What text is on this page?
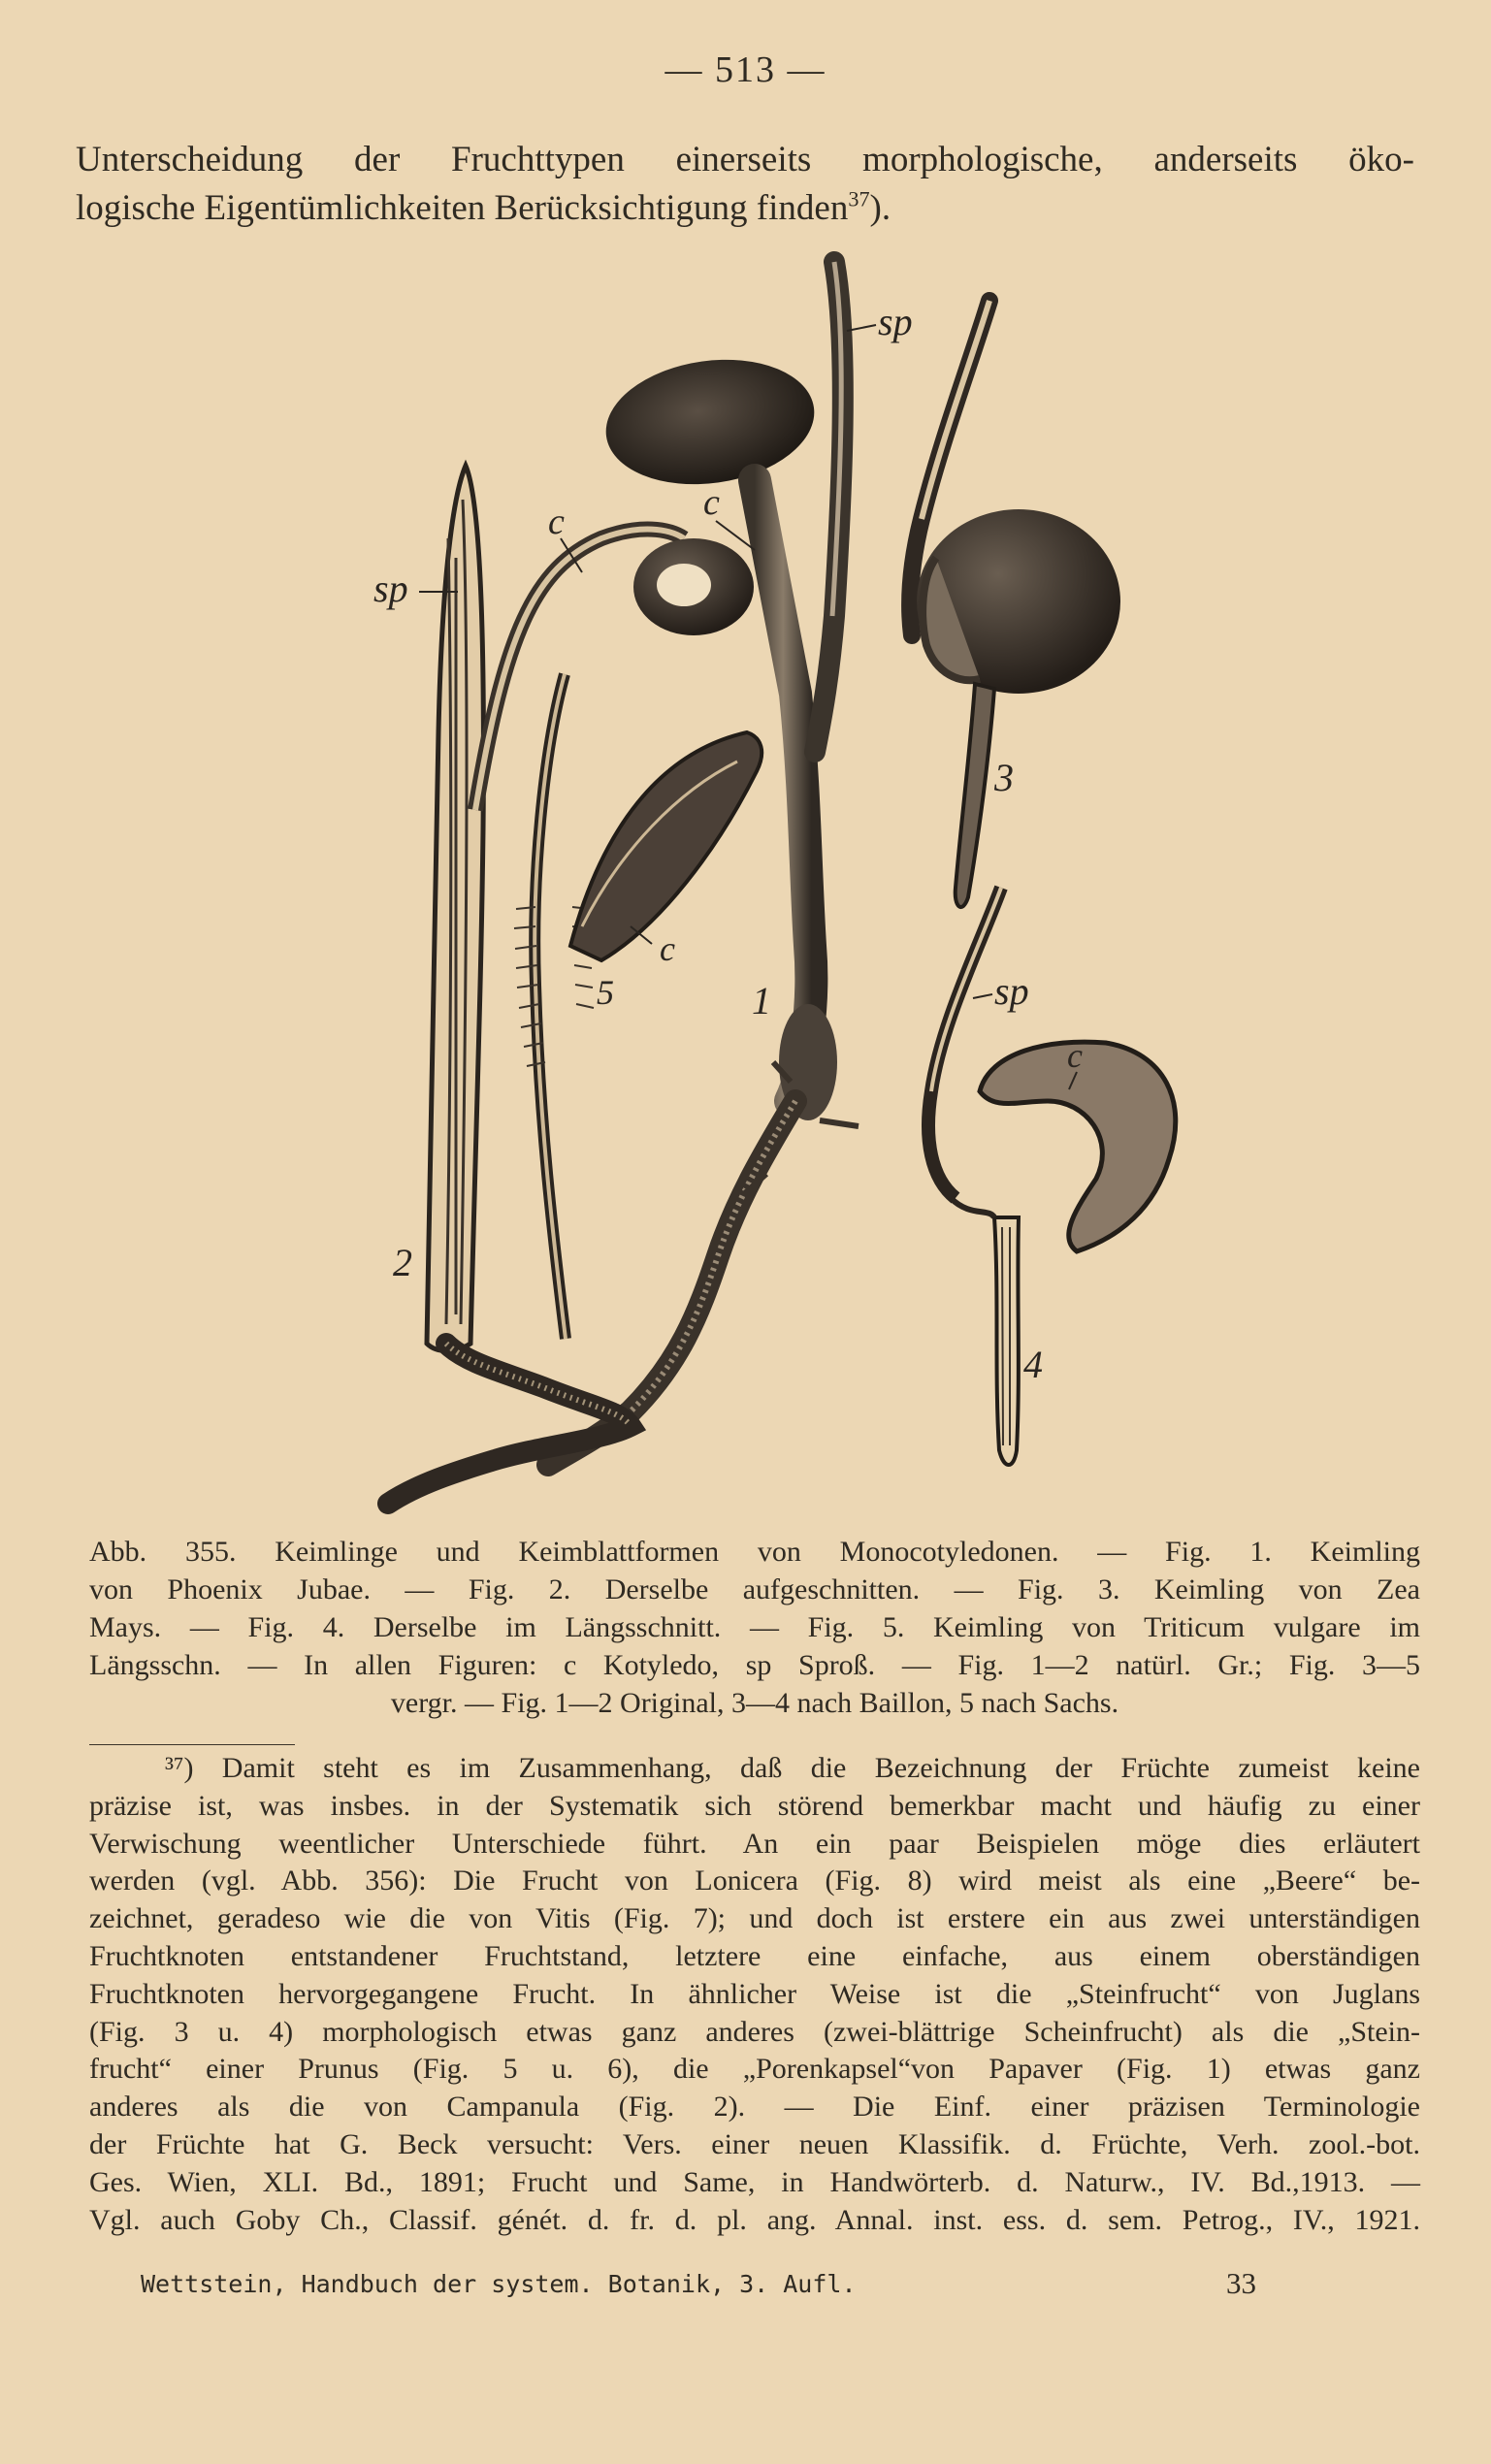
— 513 —
Unterscheidung der Fruchttypen einerseits morphologische, anderseits öko-
logische Eigentümlichkeiten Berücksichtigung finden$^{37}$).
1
2
3
4
5
c	c
c
c
sp
sp
sp
Abb. 355. Keimlinge und Keimblattformen von Monocotyledonen. — Fig. 1. Keimling
von Phoenix Jubae. — Fig. 2. Derselbe aufgeschnitten. — Fig. 3. Keimling von Zea
Mays. — Fig. 4. Derselbe im Längsschnitt. — Fig. 5. Keimling von Triticum vulgare im
Längsschn. — In allen Figuren: c Kotyledo, sp Sproß. — Fig. 1—2 natürl. Gr.; Fig. 3—5
vergr. — Fig. 1—2 Original, 3—4 nach Baillon, 5 nach Sachs.
³⁷) Damit steht es im Zusammenhang, daß die Bezeichnung der Früchte zumeist keine
präzise ist, was insbes. in der Systematik sich störend bemerkbar macht und häufig zu einer
Verwischung weentlicher Unterschiede führt. An ein paar Beispielen möge dies erläutert
werden (vgl. Abb. 356): Die Frucht von Lonicera (Fig. 8) wird meist als eine „Beere“ be-
zeichnet, geradeso wie die von Vitis (Fig. 7); und doch ist erstere ein aus zwei unterständigen
Fruchtknoten entstandener Fruchtstand, letztere eine einfache, aus einem oberständigen
Fruchtknoten hervorgegangene Frucht. In ähnlicher Weise ist die „Steinfrucht“ von Juglans
(Fig. 3 u. 4) morphologisch etwas ganz anderes (zwei-blättrige Scheinfrucht) als die „Stein-
frucht“ einer Prunus (Fig. 5 u. 6), die „Porenkapsel“von Papaver (Fig. 1) etwas ganz
anderes als die von Campanula (Fig. 2). — Die Einf. einer präzisen Terminologie
der Früchte hat G. Beck versucht: Vers. einer neuen Klassifik. d. Früchte, Verh. zool.-bot.
Ges. Wien, XLI. Bd., 1891; Frucht und Same, in Handwörterb. d. Naturw., IV. Bd.,1913. —
Vgl. auch Goby Ch., Classif. génét. d. fr. d. pl. ang. Annal. inst. ess. d. sem. Petrog., IV., 1921.
Wettstein, Handbuch der system. Botanik, 3. Aufl.	33
